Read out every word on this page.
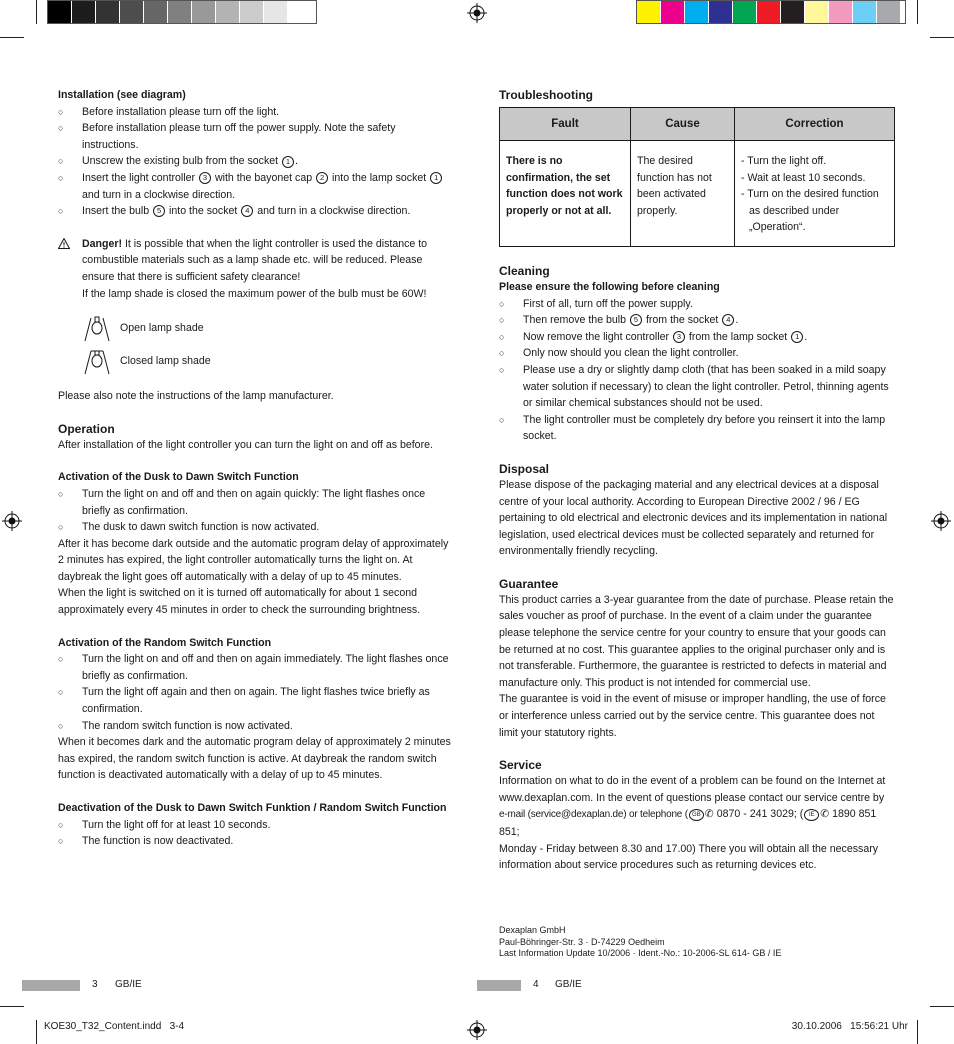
Installation (see diagram)
○ Before installation please turn off the light.
○ Before installation please turn off the power supply. Note the safety instructions.
○ Unscrew the existing bulb from the socket 1 .
○ Insert the light controller 3 with the bayonet cap 2 into the lamp socket 1 and turn in a clockwise direction.
○ Insert the bulb 5 into the socket 4 and turn in a clockwise direction.

Danger! It is possible that when the light controller is used the distance to combustible materials such as a lamp shade etc. will be reduced. Please ensure that there is sufficient safety clearance!

If the lamp shade is closed the maximum power of the bulb must be 60W!

Open lamp shade
Closed lamp shade

Please also note the instructions of the lamp manufacturer.

Operation

After installation of the light controller you can turn the light on and off as before.

Activation of the Dusk to Dawn Switch Function
○ Turn the light on and off and then on again quickly: The light flashes once briefly as confirmation.
○ The dusk to dawn switch function is now activated.

After it has become dark outside and the automatic program delay of approximately 2 minutes has expired, the light controller automatically turns the light on. At daybreak the light goes off automatically with a delay of up to 45 minutes.

When the light is switched on it is turned off automatically for about 1 second approximately every 45 minutes in order to check the surrounding brightness.

Activation of the Random Switch Function
○ Turn the light on and off and then on again immediately. The light flashes once briefly as confirmation.
○ Turn the light off again and then on again. The light flashes twice briefly as confirmation.
○ The random switch function is now activated.

When it becomes dark and the automatic program delay of approximately 2 minutes has expired, the random switch function is active. At daybreak the random switch function is deactivated automatically with a delay of up to 45 minutes.

Deactivation of the Dusk to Dawn Switch Funktion / Random Switch Function
○ Turn the light off for at least 10 seconds.
○ The function is now deactivated.
Troubleshooting
Fault	Cause	Correction
There is no confirmation, the set function does not work properly or not at all.	The desired function has not been activated properly.	- Turn the light off.
- Wait at least 10 seconds.
- Turn on the desired function as described under „Operation“.
Cleaning
Please ensure the following before cleaning
○ First of all, turn off the power supply.
○ Then remove the bulb 5 from the socket 4 .
○ Now remove the light controller 3 from the lamp socket 1 .
○ Only now should you clean the light controller.
○ Please use a dry or slightly damp cloth (that has been soaked in a mild soapy water solution if necessary) to clean the light controller. Petrol, thinning agents or similar chemical substances should not be used.
○ The light controller must be completely dry before you reinsert it into the lamp socket.
Disposal

Please dispose of the packaging material and any electrical devices at a disposal centre of your local authority. According to European Directive 2002 / 96 / EG pertaining to old electrical and electronic devices and its implementation in national legislation, used electrical devices must be collected separately and returned for environmentally friendly recycling.

Guarantee

This product carries a 3-year guarantee from the date of purchase. Please retain the sales voucher as proof of purchase. In the event of a claim under the guarantee please telephone the service centre for your country to ensure that your goods can be returned at no cost. This guarantee applies to the original purchaser only and is not transferable. Furthermore, the guarantee is restricted to defects in material and manufacture only. This product is not intended for commercial use.

The guarantee is void in the event of misuse or improper handling, the use of force or interference unless carried out by the service centre. This guarantee does not limit your statutory rights.

Service

Information on what to do in the event of a problem can be found on the Internet at www.dexaplan.com. In the event of questions please contact our service centre by

e-mail (service@dexaplan.de) or telephone ( GB ✆ 0870 - 241 3029; ( IE ✆ 1890 851 851;

Monday - Friday between 8.30 and 17.00) There you will obtain all the necessary information about service procedures such as returning devices etc.

Dexaplan GmbH
Paul-Böhringer-Str. 3 · D-74229 Oedheim
Last Information Update 10/2006 · Ident.-No.: 10-2006-SL 614- GB / IE
3 GB/IE	4 GB/IE
KOE30_T32_Content.indd   3-4	30.10.2006   15:56:21 Uhr
